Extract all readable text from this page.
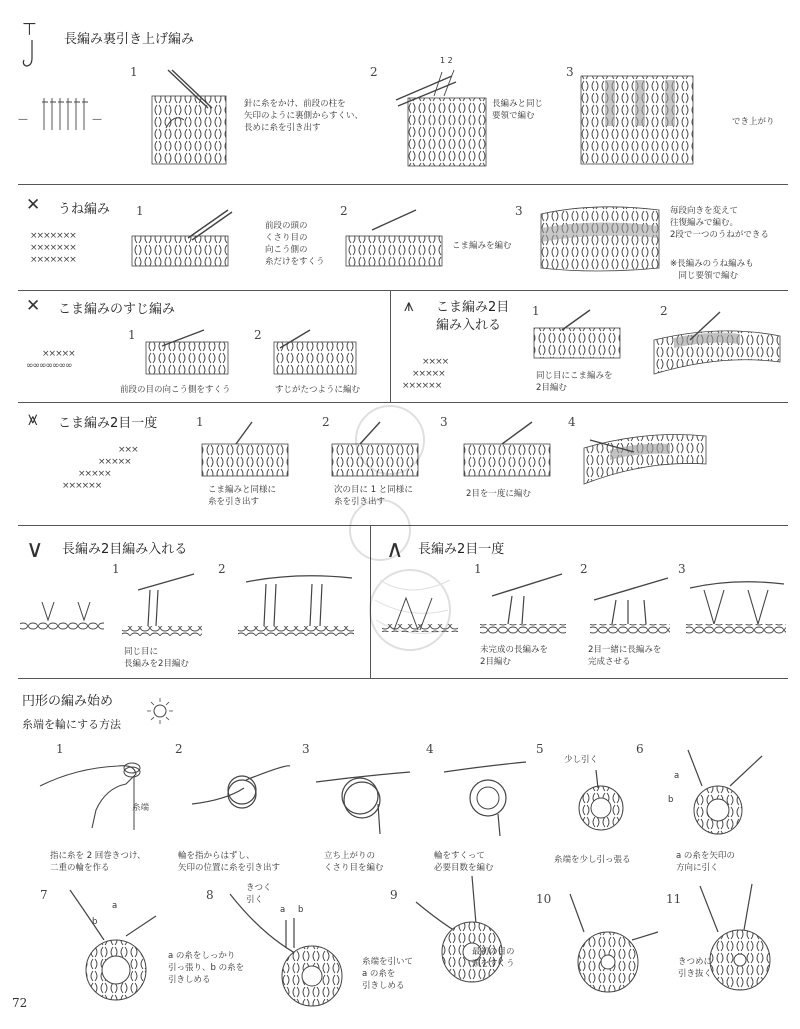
⊤ 長編み裏引き上げ編み
—	—
1
針に糸をかけ、前段の柱を
矢印のように裏側からすくい、
長めに糸を引き出す
2
1 2
長編みと同じ
要領で編む
3
でき上がり
✕ うね編み
×××××××
×××××××
×××××××
1
前段の頭の
くさり目の
向こう側の
糸だけをすくう
2
こま編みを編む
3	毎段向きを変えて
往復編みで編む。
2段で一つのうねができる
※長編みのうね編みも
　同じ要領で編む
✕ こま編みのすじ編み
×××××
∞∞∞∞∞∞∞
1
前段の目の向こう側をすくう
2
すじがたつように編む
⩚ こま編み2目
編み入れる
××××
×××××
××××××
1
同じ目にこま編みを
2目編む
2
⩙ こま編み2目一度
×××
×××××
×××××
××××××
1
こま編みと同様に
糸を引き出す
2
次の目に 1 と同様に
糸を引き出す
3
2目を一度に編む
4
∨ 長編み2目編み入れる
1
同じ目に
長編みを2目編む
2
∧ 長編み2目一度
1
未完成の長編みを
2目編む
2
2目一緒に長編みを
完成させる
3
円形の編み始め
糸端を輪にする方法
1
糸端
指に糸を 2 回巻きつけ、
二重の輪を作る
2
輪を指からはずし、
矢印の位置に糸を引き出す
3
立ち上がりの
くさり目を編む
4
輪をすくって
必要目数を編む
5
少し引く
糸端を少し引っ張る
6
a
b
a の糸を矢印の
方向に引く
7
a
b
a の糸をしっかり
引っ張り、b の糸を
引きしめる
8	きつく
引く
a b
糸端を引いて
a の糸を
引きしめる
9
最初の目の
頭をすくう
10	11
きつめに
引き抜く
72
